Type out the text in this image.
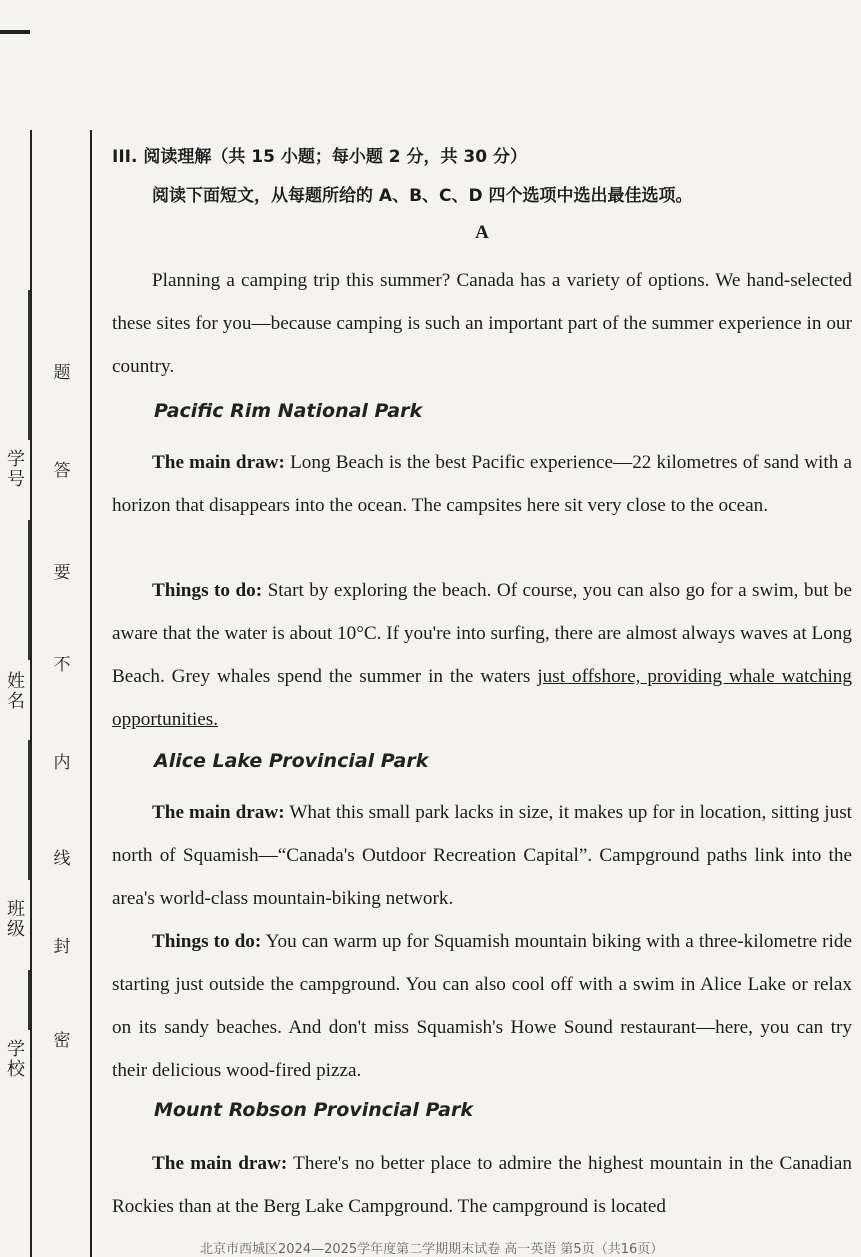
学号
姓名
班级
学校
题
答
要
不
内
线
封
密
III. 阅读理解（共 15 小题；每小题 2 分，共 30 分）
阅读下面短文，从每题所给的 A、B、C、D 四个选项中选出最佳选项。
A

Planning a camping trip this summer? Canada has a variety of options. We hand-selected these sites for you—because camping is such an important part of the summer experience in our country.

Pacific Rim National Park

The main draw: Long Beach is the best Pacific experience—22 kilometres of sand with a horizon that disappears into the ocean. The campsites here sit very close to the ocean.

Things to do: Start by exploring the beach. Of course, you can also go for a swim, but be aware that the water is about 10°C. If you're into surfing, there are almost always waves at Long Beach. Grey whales spend the summer in the waters just offshore, providing whale watching opportunities.

Alice Lake Provincial Park

The main draw: What this small park lacks in size, it makes up for in location, sitting just north of Squamish—“Canada's Outdoor Recreation Capital”. Campground paths link into the area's world-class mountain-biking network.

Things to do: You can warm up for Squamish mountain biking with a three-kilometre ride starting just outside the campground. You can also cool off with a swim in Alice Lake or relax on its sandy beaches. And don't miss Squamish's Howe Sound restaurant—here, you can try their delicious wood-fired pizza.

Mount Robson Provincial Park

The main draw: There's no better place to admire the highest mountain in the Canadian Rockies than at the Berg Lake Campground. The campground is located

北京市西城区2024—2025学年度第二学期期末试卷 高一英语 第5页（共16页）
